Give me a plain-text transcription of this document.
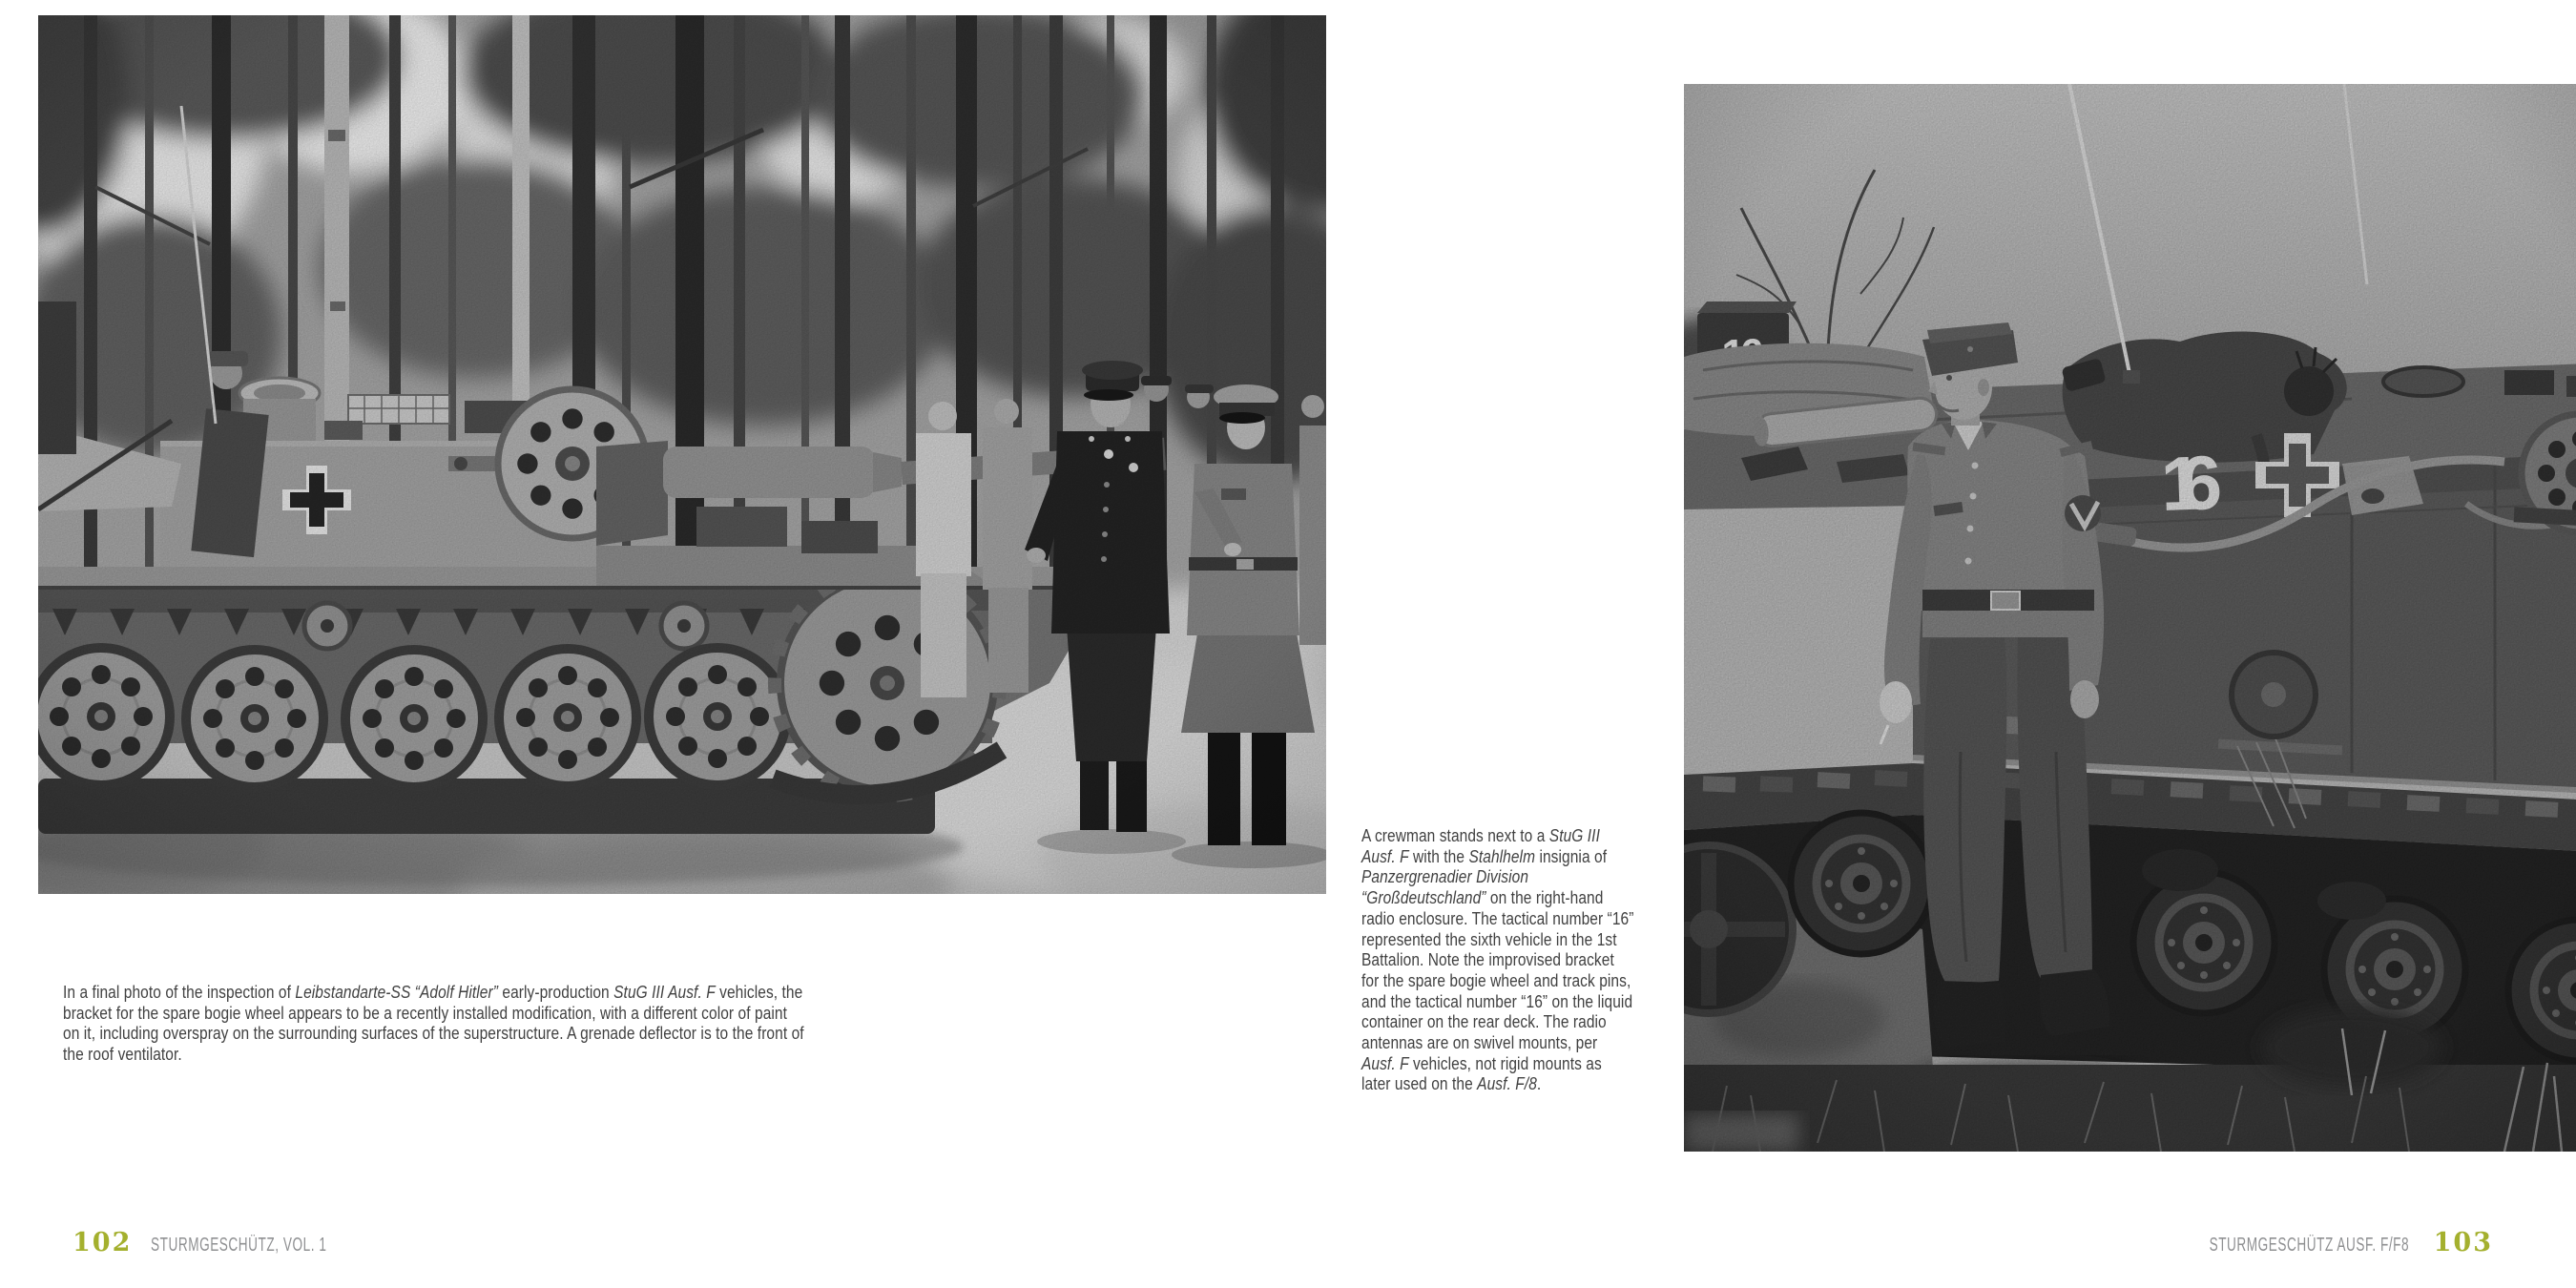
In a final photo of the inspection of Leibstandarte-SS “Adolf Hitler” early-production StuG III Ausf. F vehicles, the bracket for the spare bogie wheel appears to be a recently installed modification, with a different color of paint on it, including overspray on the surrounding surfaces of the superstructure. A grenade deflector is to the front of the roof ventilator.

102 STURMGESCHÜTZ, VOL. 1

A crewman stands next to a StuG III Ausf. F with the Stahlhelm insignia of Panzergrenadier Division “Großdeutschland” on the right-hand radio enclosure. The tactical number “16” represented the sixth vehicle in the 1st Battalion. Note the improvised bracket for the spare bogie wheel and track pins, and the tactical number “16” on the liquid container on the rear deck. The radio antennas are on swivel mounts, per Ausf. F vehicles, not rigid mounts as later used on the Ausf. F/8.

STURMGESCHÜTZ AUSF. F/F8 103
